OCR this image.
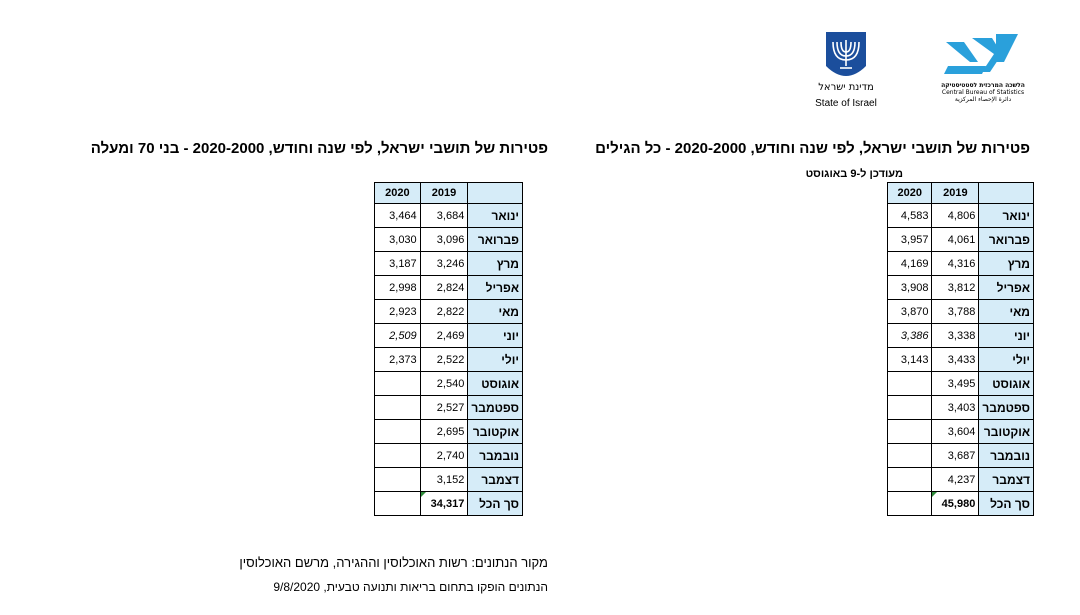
הלשכה המרכזית לסטטיסטיקה
Central Bureau of Statistics
دائرة الإحصاء المركزية
מדינת ישראל
State of Israel
פטירות של תושבי ישראל, לפי שנה וחודש, 2020-2000 - כל הגילים
מעודכן ל-9 באוגוסט
פטירות של תושבי ישראל, לפי שנה וחודש, 2020-2000 - בני 70 ומעלה
2020	2019	
4,583	4,806	ינואר
3,957	4,061	פברואר
4,169	4,316	מרץ
3,908	3,812	אפריל
3,870	3,788	מאי
3,386	3,338	יוני
3,143	3,433	יולי
	3,495	אוגוסט
	3,403	ספטמבר
	3,604	אוקטובר
	3,687	נובמבר
	4,237	דצמבר
	45,980	סך הכל
2020	2019	
3,464	3,684	ינואר
3,030	3,096	פברואר
3,187	3,246	מרץ
2,998	2,824	אפריל
2,923	2,822	מאי
2,509	2,469	יוני
2,373	2,522	יולי
	2,540	אוגוסט
	2,527	ספטמבר
	2,695	אוקטובר
	2,740	נובמבר
	3,152	דצמבר
	34,317	סך הכל
מקור הנתונים: רשות האוכלוסין וההגירה, מרשם האוכלוסין
הנתונים הופקו בתחום בריאות ותנועה טבעית, 9/8/2020
